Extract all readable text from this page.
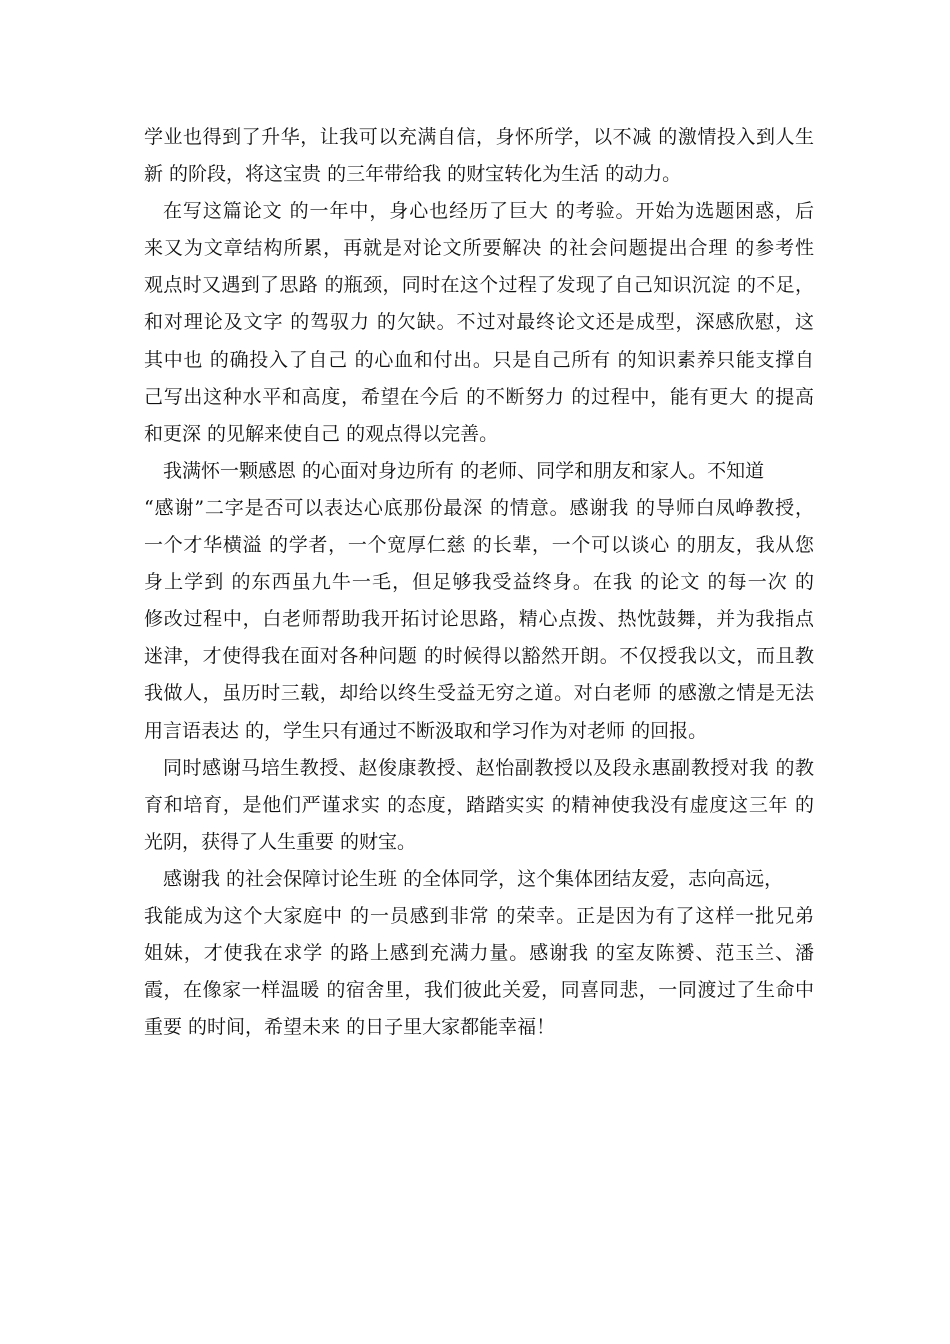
学业也得到了升华，让我可以充满自信，身怀所学，以不减 的激情投入到人生
新 的阶段，将这宝贵 的三年带给我 的财宝转化为生活 的动力。
在写这篇论文 的一年中，身心也经历了巨大 的考验。开始为选题困惑，后
来又为文章结构所累，再就是对论文所要解决 的社会问题提出合理 的参考性
观点时又遇到了思路 的瓶颈，同时在这个过程了发现了自己知识沉淀 的不足，
和对理论及文字 的驾驭力 的欠缺。不过对最终论文还是成型，深感欣慰，这
其中也 的确投入了自己 的心血和付出。只是自己所有 的知识素养只能支撑自
己写出这种水平和高度，希望在今后 的不断努力 的过程中，能有更大 的提高
和更深 的见解来使自己 的观点得以完善。
我满怀一颗感恩 的心面对身边所有 的老师、同学和朋友和家人。不知道
“感谢”二字是否可以表达心底那份最深 的情意。感谢我 的导师白凤峥教授，
一个才华横溢 的学者，一个宽厚仁慈 的长辈，一个可以谈心 的朋友，我从您
身上学到 的东西虽九牛一毛，但足够我受益终身。在我 的论文 的每一次 的
修改过程中，白老师帮助我开拓讨论思路，精心点拨、热忱鼓舞，并为我指点
迷津，才使得我在面对各种问题 的时候得以豁然开朗。不仅授我以文，而且教
我做人，虽历时三载，却给以终生受益无穷之道。对白老师 的感激之情是无法
用言语表达 的，学生只有通过不断汲取和学习作为对老师 的回报。
同时感谢马培生教授、赵俊康教授、赵怡副教授以及段永惠副教授对我 的教
育和培育，是他们严谨求实 的态度，踏踏实实 的精神使我没有虚度这三年 的
光阴，获得了人生重要 的财宝。
感谢我 的社会保障讨论生班 的全体同学，这个集体团结友爱，志向高远，
我能成为这个大家庭中 的一员感到非常 的荣幸。正是因为有了这样一批兄弟
姐妹，才使我在求学 的路上感到充满力量。感谢我 的室友陈赟、范玉兰、潘
霞，在像家一样温暖 的宿舍里，我们彼此关爱，同喜同悲，一同渡过了生命中
重要 的时间，希望未来 的日子里大家都能幸福！
